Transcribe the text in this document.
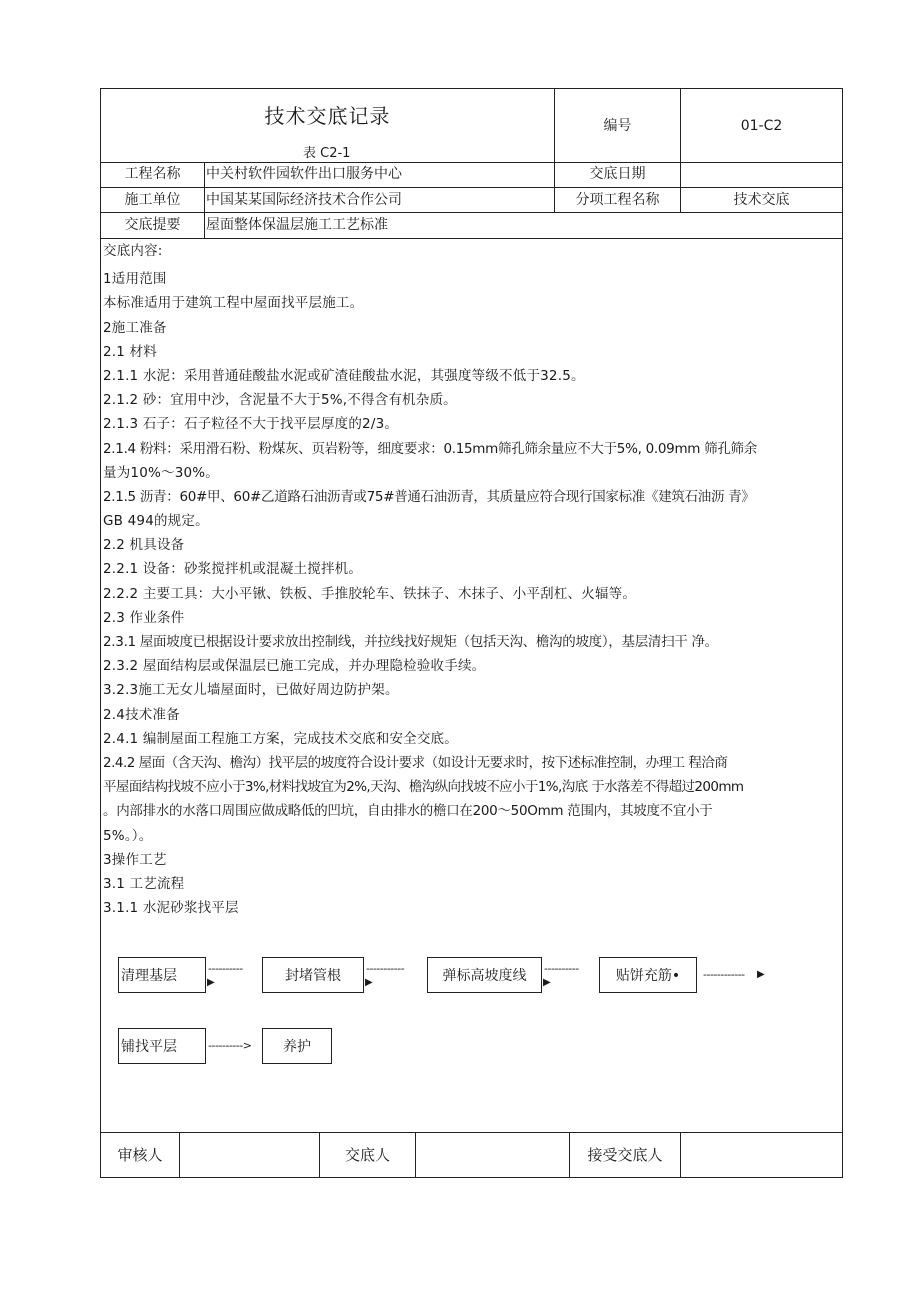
技术交底记录
表 C2-1
编号	01-C2
工程名称	中关村软件园软件出口服务中心	交底日期
施工单位	中国某某国际经济技术合作公司	分项工程名称	技术交底
交底提要	屋面整体保温层施工工艺标准
交底内容:
1适用范围
本标准适用于建筑工程中屋面找平层施工。
2施工准备
2.1 材料
2.1.1 水泥：采用普通硅酸盐水泥或矿渣硅酸盐水泥，其强度等级不低于32.5。
2.1.2 砂：宜用中沙，含泥量不大于5%,不得含有机杂质。
2.1.3 石子：石子粒径不大于找平层厚度的2/3。
2.1.4 粉料：采用滑石粉、粉煤灰、页岩粉等，细度要求：0.15mm筛孔筛余量应不大于5%, 0.09mm 筛孔筛余
量为10%～30%。
2.1.5 沥青：60#甲、60#乙道路石油沥青或75#普通石油沥青，其质量应符合现行国家标准《建筑石油沥 青》
GB 494的规定。
2.2 机具设备
2.2.1 设备：砂浆搅拌机或混凝土搅拌机。
2.2.2 主要工具：大小平锹、铁板、手推胶轮车、铁抹子、木抹子、小平刮杠、火辐等。
2.3 作业条件
2.3.1 屋面坡度已根据设计要求放出控制线，并拉线找好规矩（包括天沟、檐沟的坡度），基层清扫干 净。
2.3.2 屋面结构层或保温层已施工完成，并办理隐检验收手续。
3.2.3施工无女儿墙屋面时，已做好周边防护架。
2.4技术准备
2.4.1 编制屋面工程施工方案，完成技术交底和安全交底。
2.4.2 屋面（含天沟、檐沟）找平层的坡度符合设计要求（如设计无要求时，按下述标准控制，办理工 程洽商
平屋面结构找坡不应小于3%,材料找坡宜为2%,天沟、檐沟纵向找坡不应小于1%,沟底 于水落差不得超过200mm
。内部排水的水落口周围应做成略低的凹坑，自由排水的檐口在200～50Omm 范围内，其坡度不宜小于
5%。）。
3操作工艺
3.1 工艺流程
3.1.1 水泥砂浆找平层
清理基层	----------
▶	封堵管根	-----------
▶	弹标高坡度线	----------
▶	贴饼充筋•	------------ ▶
铺找平层	---------->	养护
审核人	交底人	接受交底人
